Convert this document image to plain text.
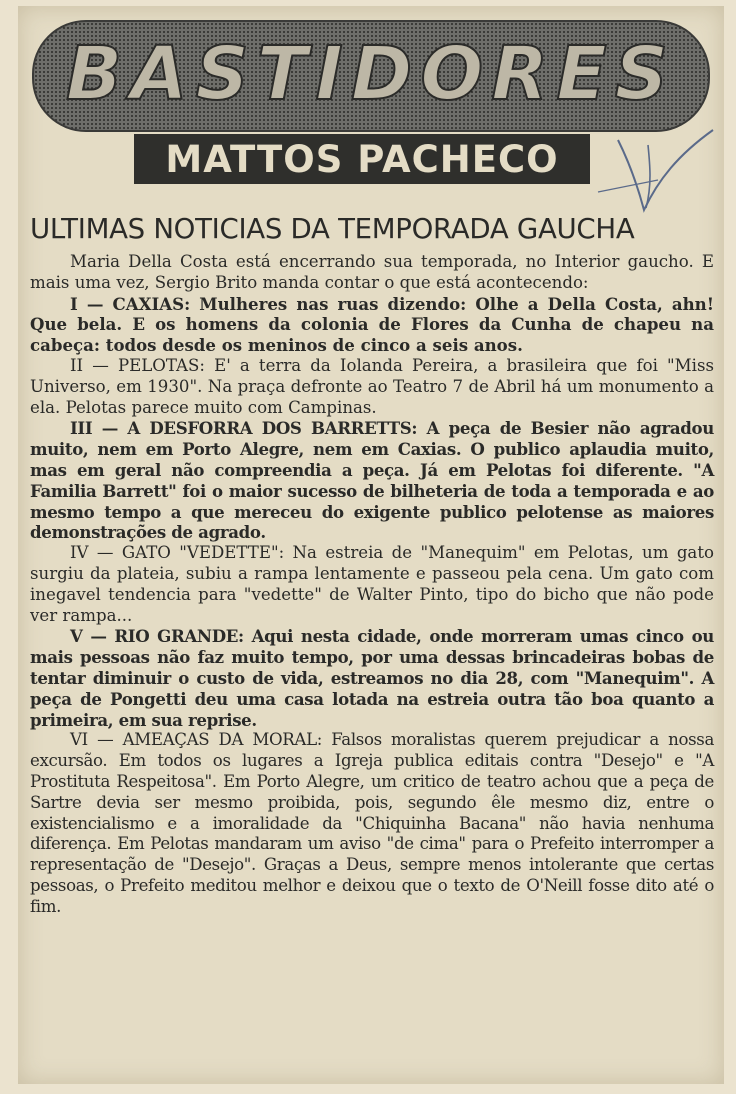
BASTIDORES
MATTOS PACHECO
ULTIMAS NOTICIAS DA TEMPORADA GAUCHA

Maria Della Costa está encerrando sua temporada, no Interior gaucho. E mais uma vez, Sergio Brito manda contar o que está acontecendo:

I — CAXIAS: Mulheres nas ruas dizendo: Olhe a Della Costa, ahn! Que bela. E os homens da colonia de Flores da Cunha de chapeu na cabeça: todos desde os meninos de cinco a seis anos.

II — PELOTAS: E' a terra da Iolanda Pereira, a brasileira que foi "Miss Universo, em 1930". Na praça defronte ao Teatro 7 de Abril há um monumento a ela. Pelotas parece muito com Campinas.

III — A DESFORRA DOS BARRETTS: A peça de Besier não agradou muito, nem em Porto Alegre, nem em Caxias. O publico aplaudia muito, mas em geral não compreendia a peça. Já em Pelotas foi diferente. "A Familia Barrett" foi o maior sucesso de bilheteria de toda a temporada e ao mesmo tempo a que mereceu do exigente publico pelotense as maiores demonstrações de agrado.

IV — GATO "VEDETTE": Na estreia de "Manequim" em Pelotas, um gato surgiu da plateia, subiu a rampa lentamente e passeou pela cena. Um gato com inegavel tendencia para "vedette" de Walter Pinto, tipo do bicho que não pode ver rampa...

V — RIO GRANDE: Aqui nesta cidade, onde morreram umas cinco ou mais pessoas não faz muito tempo, por uma dessas brincadeiras bobas de tentar diminuir o custo de vida, estreamos no dia 28, com "Manequim". A peça de Pongetti deu uma casa lotada na estreia outra tão boa quanto a primeira, em sua reprise.

VI — AMEAÇAS DA MORAL: Falsos moralistas querem prejudicar a nossa excursão. Em todos os lugares a Igreja publica editais contra "Desejo" e "A Prostituta Respeitosa". Em Porto Alegre, um critico de teatro achou que a peça de Sartre devia ser mesmo proibida, pois, segundo êle mesmo diz, entre o existencialismo e a imoralidade da "Chiquinha Bacana" não havia nenhuma diferença. Em Pelotas mandaram um aviso "de cima" para o Prefeito interromper a representação de "Desejo". Graças a Deus, sempre menos intolerante que certas pessoas, o Prefeito meditou melhor e deixou que o texto de O'Neill fosse dito até o fim.
